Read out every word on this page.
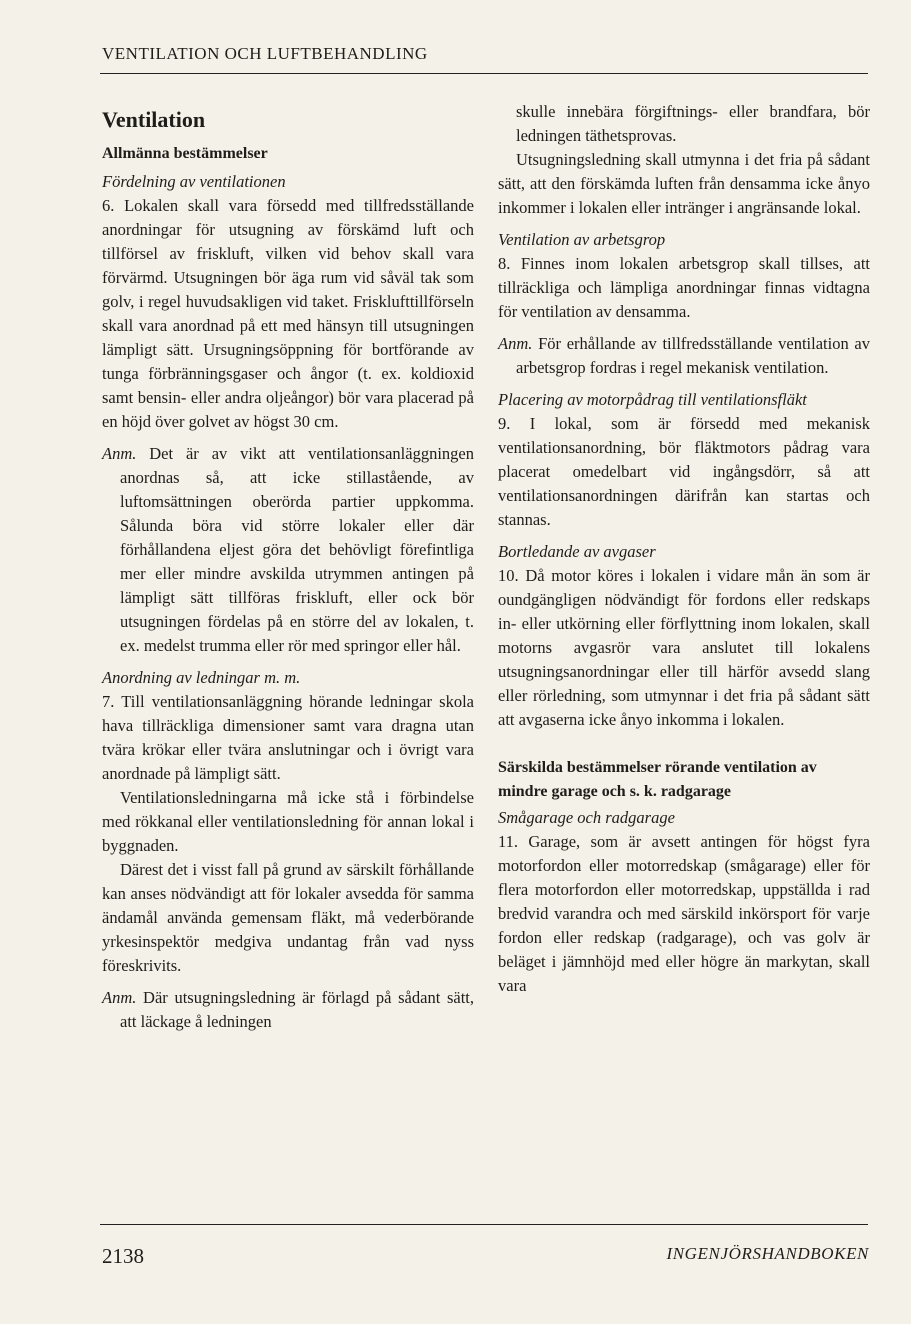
VENTILATION OCH LUFTBEHANDLING

Ventilation

Allmänna bestämmelser

Fördelning av ventilationen

6. Lokalen skall vara försedd med tillfredsställande anordningar för utsugning av förskämd luft och tillförsel av friskluft, vilken vid behov skall vara förvärmd. Utsugningen bör äga rum vid såväl tak som golv, i regel huvudsakligen vid taket. Frisklufttillförseln skall vara anordnad på ett med hänsyn till utsugningen lämpligt sätt. Ursugningsöppning för bortförande av tunga förbränningsgaser och ångor (t. ex. koldioxid samt bensin- eller andra oljeångor) bör vara placerad på en höjd över golvet av högst 30 cm.

Anm. Det är av vikt att ventilationsanläggningen anordnas så, att icke stillastående, av luftomsättningen oberörda partier uppkomma. Sålunda böra vid större lokaler eller där förhållandena eljest göra det behövligt förefintliga mer eller mindre avskilda utrymmen antingen på lämpligt sätt tillföras friskluft, eller ock bör utsugningen fördelas på en större del av lokalen, t. ex. medelst trumma eller rör med springor eller hål.

Anordning av ledningar m. m.

7. Till ventilationsanläggning hörande ledningar skola hava tillräckliga dimensioner samt vara dragna utan tvära krökar eller tvära anslutningar och i övrigt vara anordnade på lämpligt sätt.

Ventilationsledningarna må icke stå i förbindelse med rökkanal eller ventilationsledning för annan lokal i byggnaden.

Därest det i visst fall på grund av särskilt förhållande kan anses nödvändigt att för lokaler avsedda för samma ändamål använda gemensam fläkt, må vederbörande yrkesinspektör medgiva undantag från vad nyss föreskrivits.

Anm. Där utsugningsledning är förlagd på sådant sätt, att läckage å ledningen

skulle innebära förgiftnings- eller brandfara, bör ledningen täthetsprovas.

Utsugningsledning skall utmynna i det fria på sådant sätt, att den förskämda luften från densamma icke ånyo inkommer i lokalen eller intränger i angränsande lokal.

Ventilation av arbetsgrop

8. Finnes inom lokalen arbetsgrop skall tillses, att tillräckliga och lämpliga anordningar finnas vidtagna för ventilation av densamma.

Anm. För erhållande av tillfredsställande ventilation av arbetsgrop fordras i regel mekanisk ventilation.

Placering av motorpådrag till ventilationsfläkt

9. I lokal, som är försedd med mekanisk ventilationsanordning, bör fläktmotors pådrag vara placerat omedelbart vid ingångsdörr, så att ventilationsanordningen därifrån kan startas och stannas.

Bortledande av avgaser

10. Då motor köres i lokalen i vidare mån än som är oundgängligen nödvändigt för fordons eller redskaps in- eller utkörning eller förflyttning inom lokalen, skall motorns avgasrör vara anslutet till lokalens utsugningsanordningar eller till härför avsedd slang eller rörledning, som utmynnar i det fria på sådant sätt att avgaserna icke ånyo inkomma i lokalen.

Särskilda bestämmelser rörande ventilation av mindre garage och s. k. radgarage

Smågarage och radgarage

11. Garage, som är avsett antingen för högst fyra motorfordon eller motorredskap (smågarage) eller för flera motorfordon eller motorredskap, uppställda i rad bredvid varandra och med särskild inkörsport för varje fordon eller redskap (radgarage), och vas golv är beläget i jämnhöjd med eller högre än markytan, skall vara

2138	INGENJÖRSHANDBOKEN
